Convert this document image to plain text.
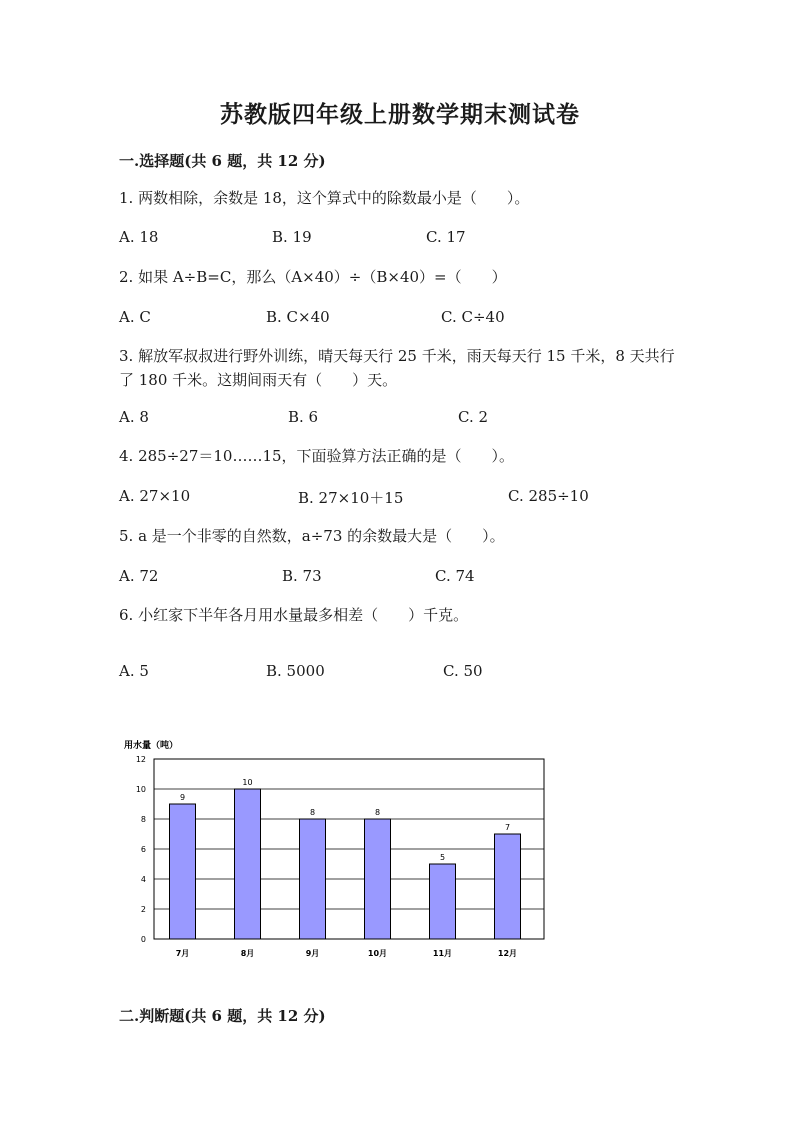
苏教版四年级上册数学期末测试卷
一.选择题(共 6 题，共 12 分)
1. 两数相除，余数是 18，这个算式中的除数最小是（　　）。
A. 18	B. 19	C. 17
2. 如果 A÷B=C，那么（A×40）÷（B×40）=（　　）
A. C	B. C×40	C. C÷40
3. 解放军叔叔进行野外训练，晴天每天行 25 千米，雨天每天行 15 千米，8 天共行了 180 千米。这期间雨天有（　　）天。
A. 8	B. 6	C. 2
4. 285÷27＝10……15，下面验算方法正确的是（　　）。
A. 27×10	B. 27×10＋15	C. 285÷10
5. a 是一个非零的自然数，a÷73 的余数最大是（　　）。
A. 72	B. 73	C. 74
6. 小红家下半年各月用水量最多相差（　　）千克。
A. 5	B. 5000	C. 50
用水量（吨）
0
2
4
6
8
10
12
9
7月
10
8月
8
9月
8
10月
5
11月
7
12月
二.判断题(共 6 题，共 12 分)
